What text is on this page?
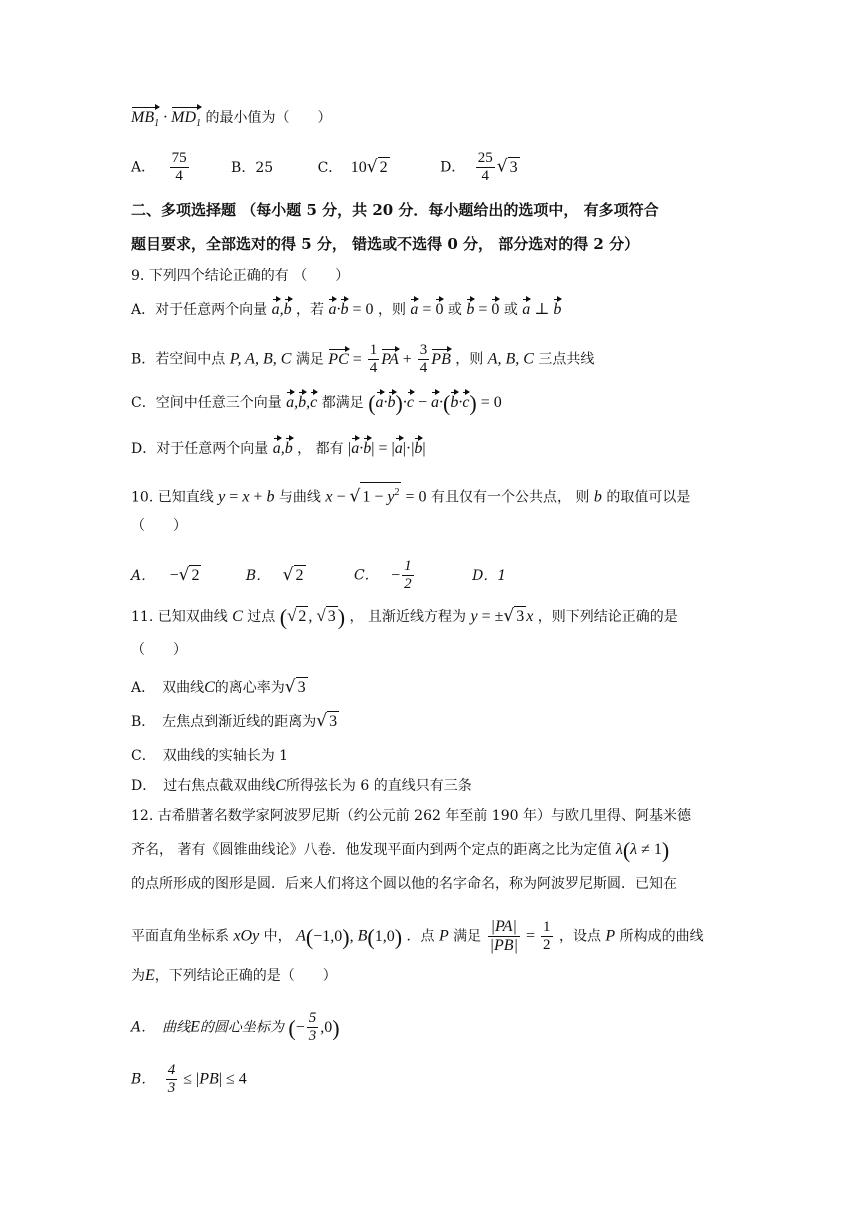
$MB_1 \cdot MD_1$ 的最小值为（　　）
A． $\frac{75}{4}$	B．25	C． 10√ 2	D． $\frac{25}{4}$ √ 3
二、多项选择题 （每小题 5 分，共 20 分．每小题给出的选项中， 有多项符合
题目要求，全部选对的得 5 分， 错选或不选得 0 分， 部分选对的得 2 分）
9. 下列四个结论正确的有 （　　）
A．对于任意两个向量 a,b ，若 a·b = 0 ，则 a = 0 或 b = 0 或 a ⊥ b
B．若空间中点 P, A, B, C 满足 PC = $\frac{1}{4}$ PA + $\frac{3}{4}$ PB ，则 A, B, C 三点共线
C．空间中任意三个向量 a,b,c 都满足 (a·b)·c − a·(b·c) = 0
D．对于任意两个向量 a,b ， 都有 |a·b| = |a|·|b|
10. 已知直线 y = x + b 与曲线 x − √ $1 - y^2 = 0$ 有且仅有一个公共点， 则 b 的取值可以是
（　　）
A． −√ 2	B． √ 2	C． − $\frac{1}{2}$	D．1
11. 已知双曲线 C 过点 (√ 2 , √ 3) ， 且渐近线方程为 y = ±√ 3 x ，则下列结论正确的是
（　　）
A．　双曲线C的离心率为√ 3
B．　左焦点到渐近线的距离为√ 3
C．　双曲线的实轴长为 1
D．　过右焦点截双曲线C所得弦长为 6 的直线只有三条
12. 古希腊著名数学家阿波罗尼斯（约公元前 262 年至前 190 年）与欧几里得、阿基米德
齐名， 著有《圆锥曲线论》八卷．他发现平面内到两个定点的距离之比为定值 λ(λ ≠ 1)
的点所形成的图形是圆．后来人们将这个圆以他的名字命名，称为阿波罗尼斯圆．已知在
平面直角坐标系 xOy 中， A(−1,0), B(1,0) ．点 P 满足 $\frac{|PA|}{|PB|} = \frac{1}{2}$ ，设点 P 所构成的曲线
为E，下列结论正确的是（　　）
A．　曲线E的圆心坐标为 (− $\frac{5}{3} ,0$)
B． $\frac{4}{3} \le |PB| \le 4$
